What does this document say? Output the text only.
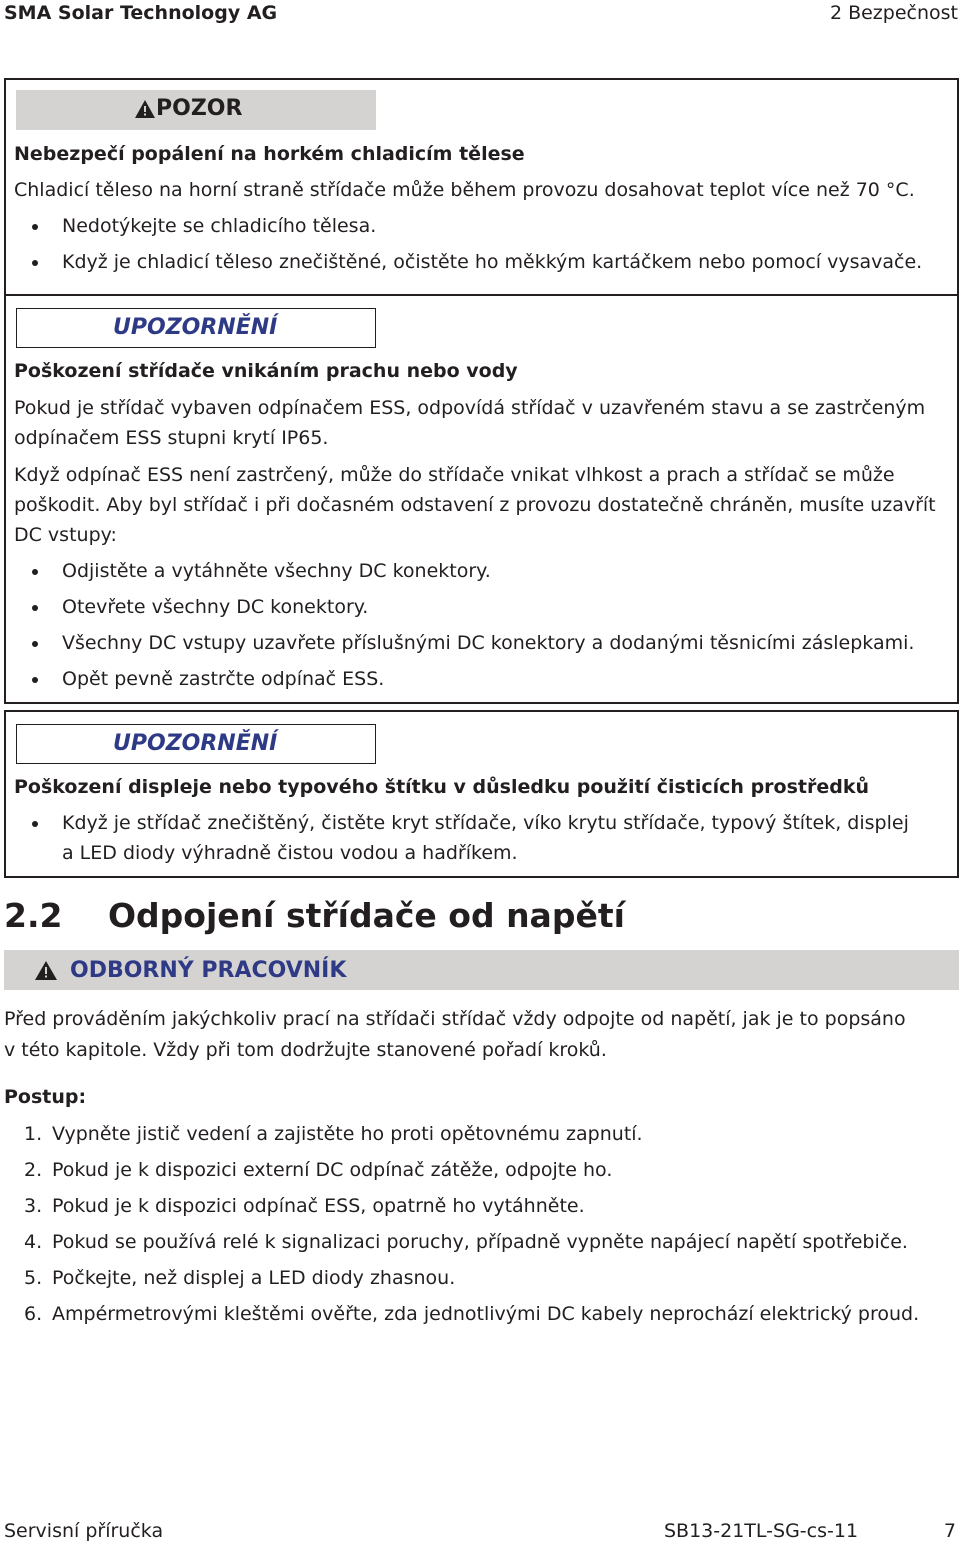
SMA Solar Technology AG	2 Bezpečnost
POZOR
Nebezpečí popálení na horkém chladicím tělese
Chladicí těleso na horní straně střídače může během provozu dosahovat teplot více než 70 °C.
Nedotýkejte se chladicího tělesa.
Když je chladicí těleso znečištěné, očistěte ho měkkým kartáčkem nebo pomocí vysavače.
UPOZORNĚNÍ
Poškození střídače vnikáním prachu nebo vody
Pokud je střídač vybaven odpínačem ESS, odpovídá střídač v uzavřeném stavu a se zastrčeným
odpínačem ESS stupni krytí IP65.
Když odpínač ESS není zastrčený, může do střídače vnikat vlhkost a prach a střídač se může
poškodit. Aby byl střídač i při dočasném odstavení z provozu dostatečně chráněn, musíte uzavřít
DC vstupy:
Odjistěte a vytáhněte všechny DC konektory.
Otevřete všechny DC konektory.
Všechny DC vstupy uzavřete příslušnými DC konektory a dodanými těsnicími záslepkami.
Opět pevně zastrčte odpínač ESS.
UPOZORNĚNÍ
Poškození displeje nebo typového štítku v důsledku použití čisticích prostředků
Když je střídač znečištěný, čistěte kryt střídače, víko krytu střídače, typový štítek, displej
a LED diody výhradně čistou vodou a hadříkem.
2.2 Odpojení střídače od napětí
ODBORNÝ PRACOVNÍK
Před prováděním jakýchkoliv prací na střídači střídač vždy odpojte od napětí, jak je to popsáno
v této kapitole. Vždy při tom dodržujte stanovené pořadí kroků.
Postup:
1. Vypněte jistič vedení a zajistěte ho proti opětovnému zapnutí.
2. Pokud je k dispozici externí DC odpínač zátěže, odpojte ho.
3. Pokud je k dispozici odpínač ESS, opatrně ho vytáhněte.
4. Pokud se používá relé k signalizaci poruchy, případně vypněte napájecí napětí spotřebiče.
5. Počkejte, než displej a LED diody zhasnou.
6. Ampérmetrovými kleštěmi ověřte, zda jednotlivými DC kabely neprochází elektrický proud.
Servisní příručka	SB13-21TL-SG-cs-11	7
